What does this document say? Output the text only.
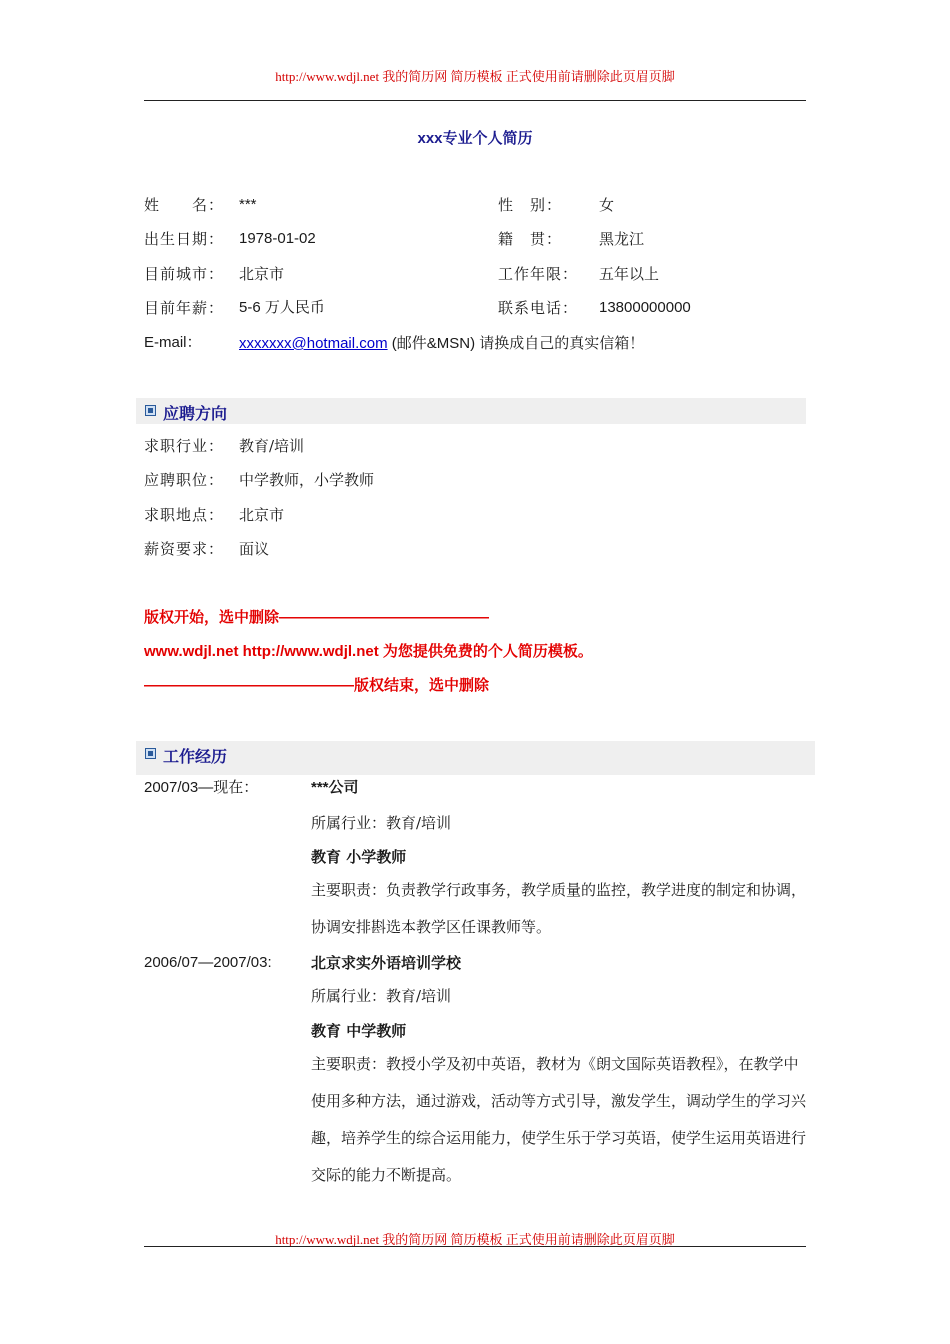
http://www.wdjl.net 我的简历网 简历模板 正式使用前请删除此页眉页脚
xxx专业个人简历
姓　　名： ***	性　别： 女
出生日期： 1978-01-02	籍　贯： 黑龙江
目前城市： 北京市	工作年限： 五年以上
目前年薪： 5-6 万人民币	联系电话： 13800000000
E-mail： xxxxxxx@hotmail.com (邮件&MSN) 请换成自己的真实信箱！
应聘方向
求职行业： 教育/培训
应聘职位： 中学教师，小学教师
求职地点： 北京市
薪资要求： 面议
版权开始，选中删除——————————————
www.wdjl.net http://www.wdjl.net 为您提供免费的个人简历模板。
——————————————版权结束，选中删除
工作经历
2007/03—现在：	***公司
所属行业：教育/培训
教育 小学教师
主要职责：负责教学行政事务，教学质量的监控，教学进度的制定和协调，协调安排斟选本教学区任课教师等。
2006/07—2007/03:	北京求实外语培训学校
所属行业：教育/培训
教育 中学教师
主要职责：教授小学及初中英语，教材为《朗文国际英语教程》，在教学中使用多种方法，通过游戏，活动等方式引导，激发学生，调动学生的学习兴趣，培养学生的综合运用能力，使学生乐于学习英语，使学生运用英语进行交际的能力不断提高。
http://www.wdjl.net 我的简历网 简历模板 正式使用前请删除此页眉页脚
